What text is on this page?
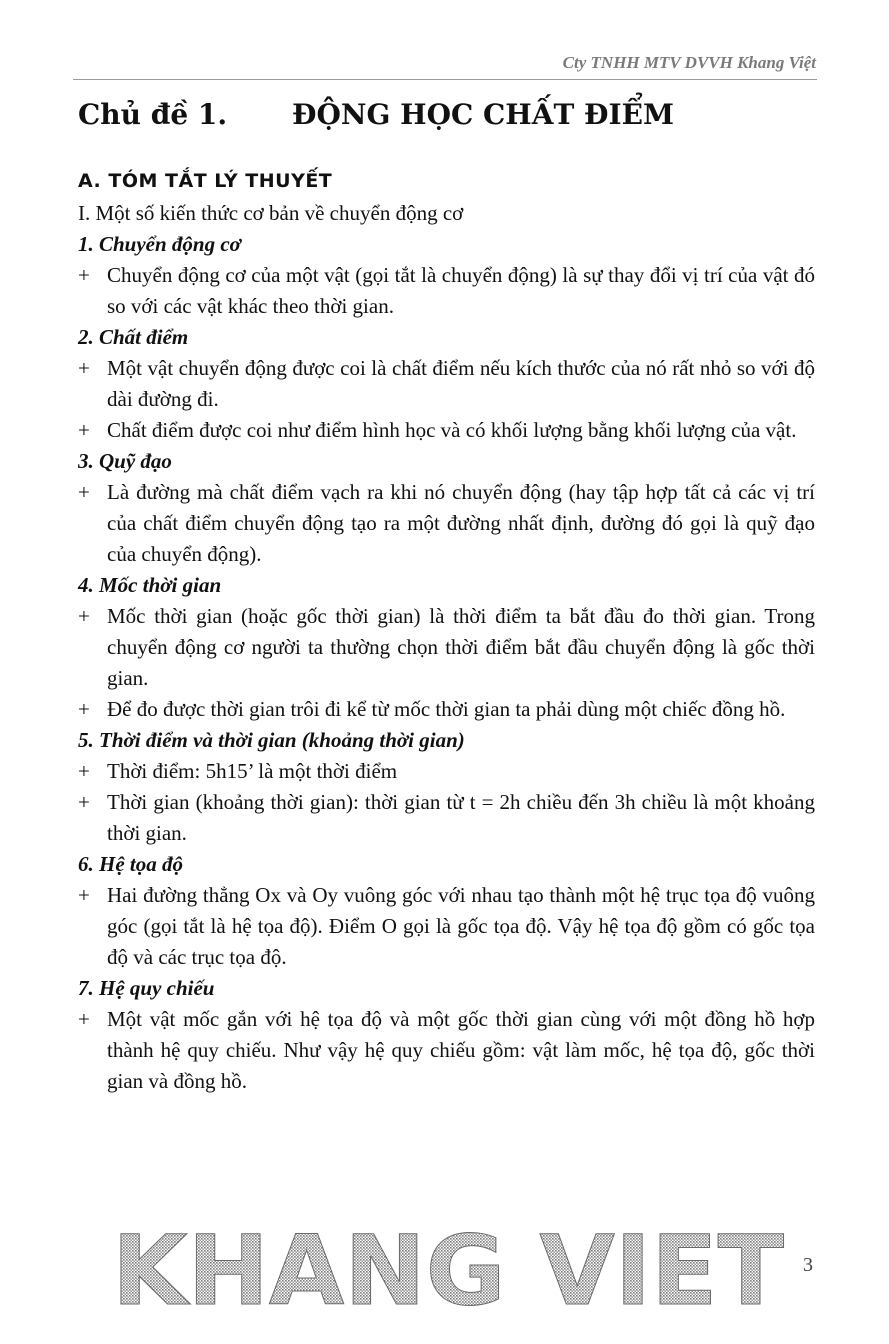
Cty TNHH MTV DVVH Khang Việt
Chủ đề 1. ĐỘNG HỌC CHẤT ĐIỂM
A. TÓM TẮT LÝ THUYẾT
I. Một số kiến thức cơ bản về chuyển động cơ
1. Chuyển động cơ
+ Chuyển động cơ của một vật (gọi tắt là chuyển động) là sự thay đổi vị trí của vật đó so với các vật khác theo thời gian.
2. Chất điểm
+ Một vật chuyển động được coi là chất điểm nếu kích thước của nó rất nhỏ so với độ dài đường đi.
+ Chất điểm được coi như điểm hình học và có khối lượng bằng khối lượng của vật.
3. Quỹ đạo
+ Là đường mà chất điểm vạch ra khi nó chuyển động (hay tập hợp tất cả các vị trí của chất điểm chuyển động tạo ra một đường nhất định, đường đó gọi là quỹ đạo của chuyển động).
4. Mốc thời gian
+ Mốc thời gian (hoặc gốc thời gian) là thời điểm ta bắt đầu đo thời gian. Trong chuyển động cơ người ta thường chọn thời điểm bắt đầu chuyển động là gốc thời gian.
+ Để đo được thời gian trôi đi kể từ mốc thời gian ta phải dùng một chiếc đồng hồ.
5. Thời điểm và thời gian (khoảng thời gian)
+ Thời điểm: 5h15’ là một thời điểm
+ Thời gian (khoảng thời gian): thời gian từ t = 2h chiều đến 3h chiều là một khoảng thời gian.
6. Hệ tọa độ
+ Hai đường thẳng Ox và Oy vuông góc với nhau tạo thành một hệ trục tọa độ vuông góc (gọi tắt là hệ tọa độ). Điểm O gọi là gốc tọa độ. Vậy hệ tọa độ gồm có gốc tọa độ và các trục tọa độ.
7. Hệ quy chiếu
+ Một vật mốc gắn với hệ tọa độ và một gốc thời gian cùng với một đồng hồ hợp thành hệ quy chiếu. Như vậy hệ quy chiếu gồm: vật làm mốc, hệ tọa độ, gốc thời gian và đồng hồ.
KHANG VIET 3
